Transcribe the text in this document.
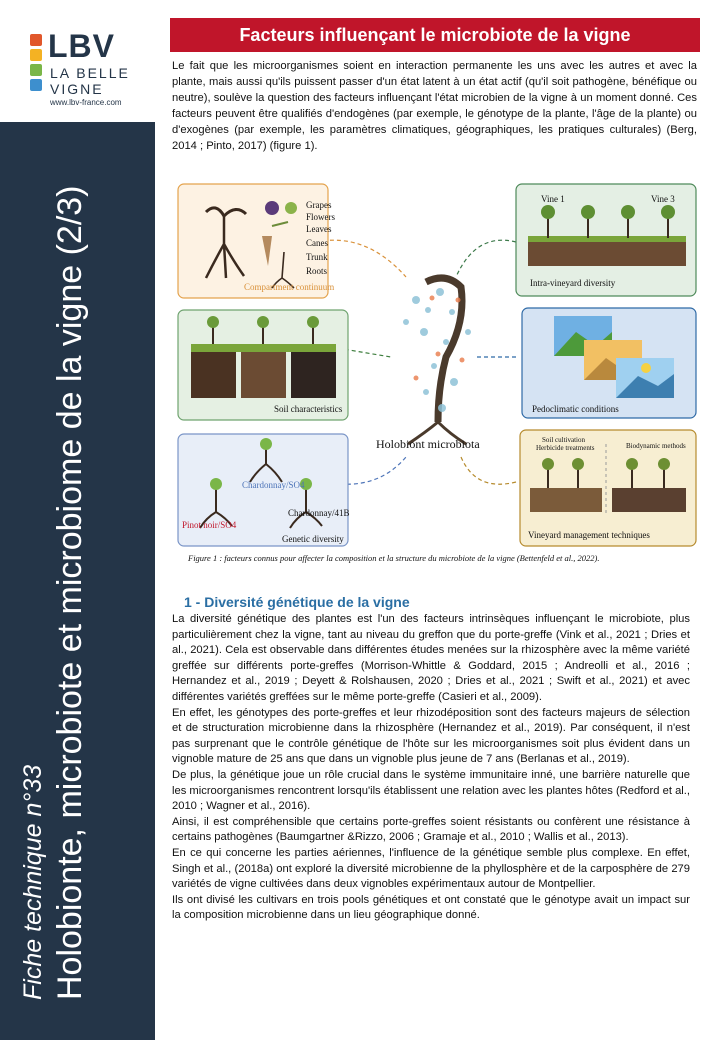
LBV
LA BELLE
VIGNE
www.lbv-france.com
Fiche technique n°33 Holobionte, microbiote et microbiome de la vigne (2/3)
Facteurs influençant le microbiote de la vigne
Le fait que les microorganismes soient en interaction permanente les uns avec les autres et avec la plante, mais aussi qu'ils puissent passer d'un état latent à un état actif (qu'il soit pathogène, bénéfique ou neutre), soulève la question des facteurs influençant l'état microbien de la vigne à un moment donné. Ces facteurs peuvent être qualifiés d'endogènes (par exemple, le génotype de la plante, l'âge de la plante) ou d'exogènes (par exemple, les paramètres climatiques, géographiques, les pratiques culturales) (Berg, 2014 ; Pinto, 2017) (figure 1).
Compartment continuum
Grapes
Flowers
Leaves
Canes
Trunk
Roots
Soil characteristics
Chardonnay/SO4
Pinot noir/SO4
Chardonnay/41B
Genetic diversity
Vine 1	Vine 3
Intra-vineyard diversity
Pedoclimatic conditions
Soil cultivation
Herbicide treatments	Biodynamic methods
Vineyard management techniques
Holobiont microbiota
Figure 1 : facteurs connus pour affecter la composition et la structure du microbiote de la vigne (Bettenfeld et al., 2022).
1 - Diversité génétique de la vigne

La diversité génétique des plantes est l'un des facteurs intrinsèques influençant le microbiote, plus particulièrement chez la vigne, tant au niveau du greffon que du porte-greffe (Vink et al., 2021 ; Dries et al., 2021). Cela est observable dans différentes études menées sur la rhizosphère avec la même variété greffée sur différents porte-greffes (Morrison-Whittle & Goddard, 2015 ; Andreolli et al., 2016 ; Hernandez et al., 2019 ; Deyett & Rolshausen, 2020 ; Dries et al., 2021 ; Swift et al., 2021) et avec différentes variétés greffées sur le même porte-greffe (Casieri et al., 2009).

En effet, les génotypes des porte-greffes et leur rhizodéposition sont des facteurs majeurs de sélection et de structuration microbienne dans la rhizosphère (Hernandez et al., 2019). Par conséquent, il n'est pas surprenant que le contrôle génétique de l'hôte sur les microorganismes soit plus évident dans un vignoble mature de 25 ans que dans un vignoble plus jeune de 7 ans (Berlanas et al., 2019).

De plus, la génétique joue un rôle crucial dans le système immunitaire inné, une barrière naturelle que les microorganismes rencontrent lorsqu'ils établissent une relation avec les plantes hôtes (Redford et al., 2010 ; Wagner et al., 2016).

Ainsi, il est compréhensible que certains porte-greffes soient résistants ou confèrent une résistance à certains pathogènes (Baumgartner &Rizzo, 2006 ; Gramaje et al., 2010 ; Wallis et al., 2013).

En ce qui concerne les parties aériennes, l'influence de la génétique semble plus complexe. En effet, Singh et al., (2018a) ont exploré la diversité microbienne de la phyllosphère et de la carposphère de 279 variétés de vigne cultivées dans deux vignobles expérimentaux autour de Montpellier.

Ils ont divisé les cultivars en trois pools génétiques et ont constaté que le génotype avait un impact sur la composition microbienne dans un lieu géographique donné.
